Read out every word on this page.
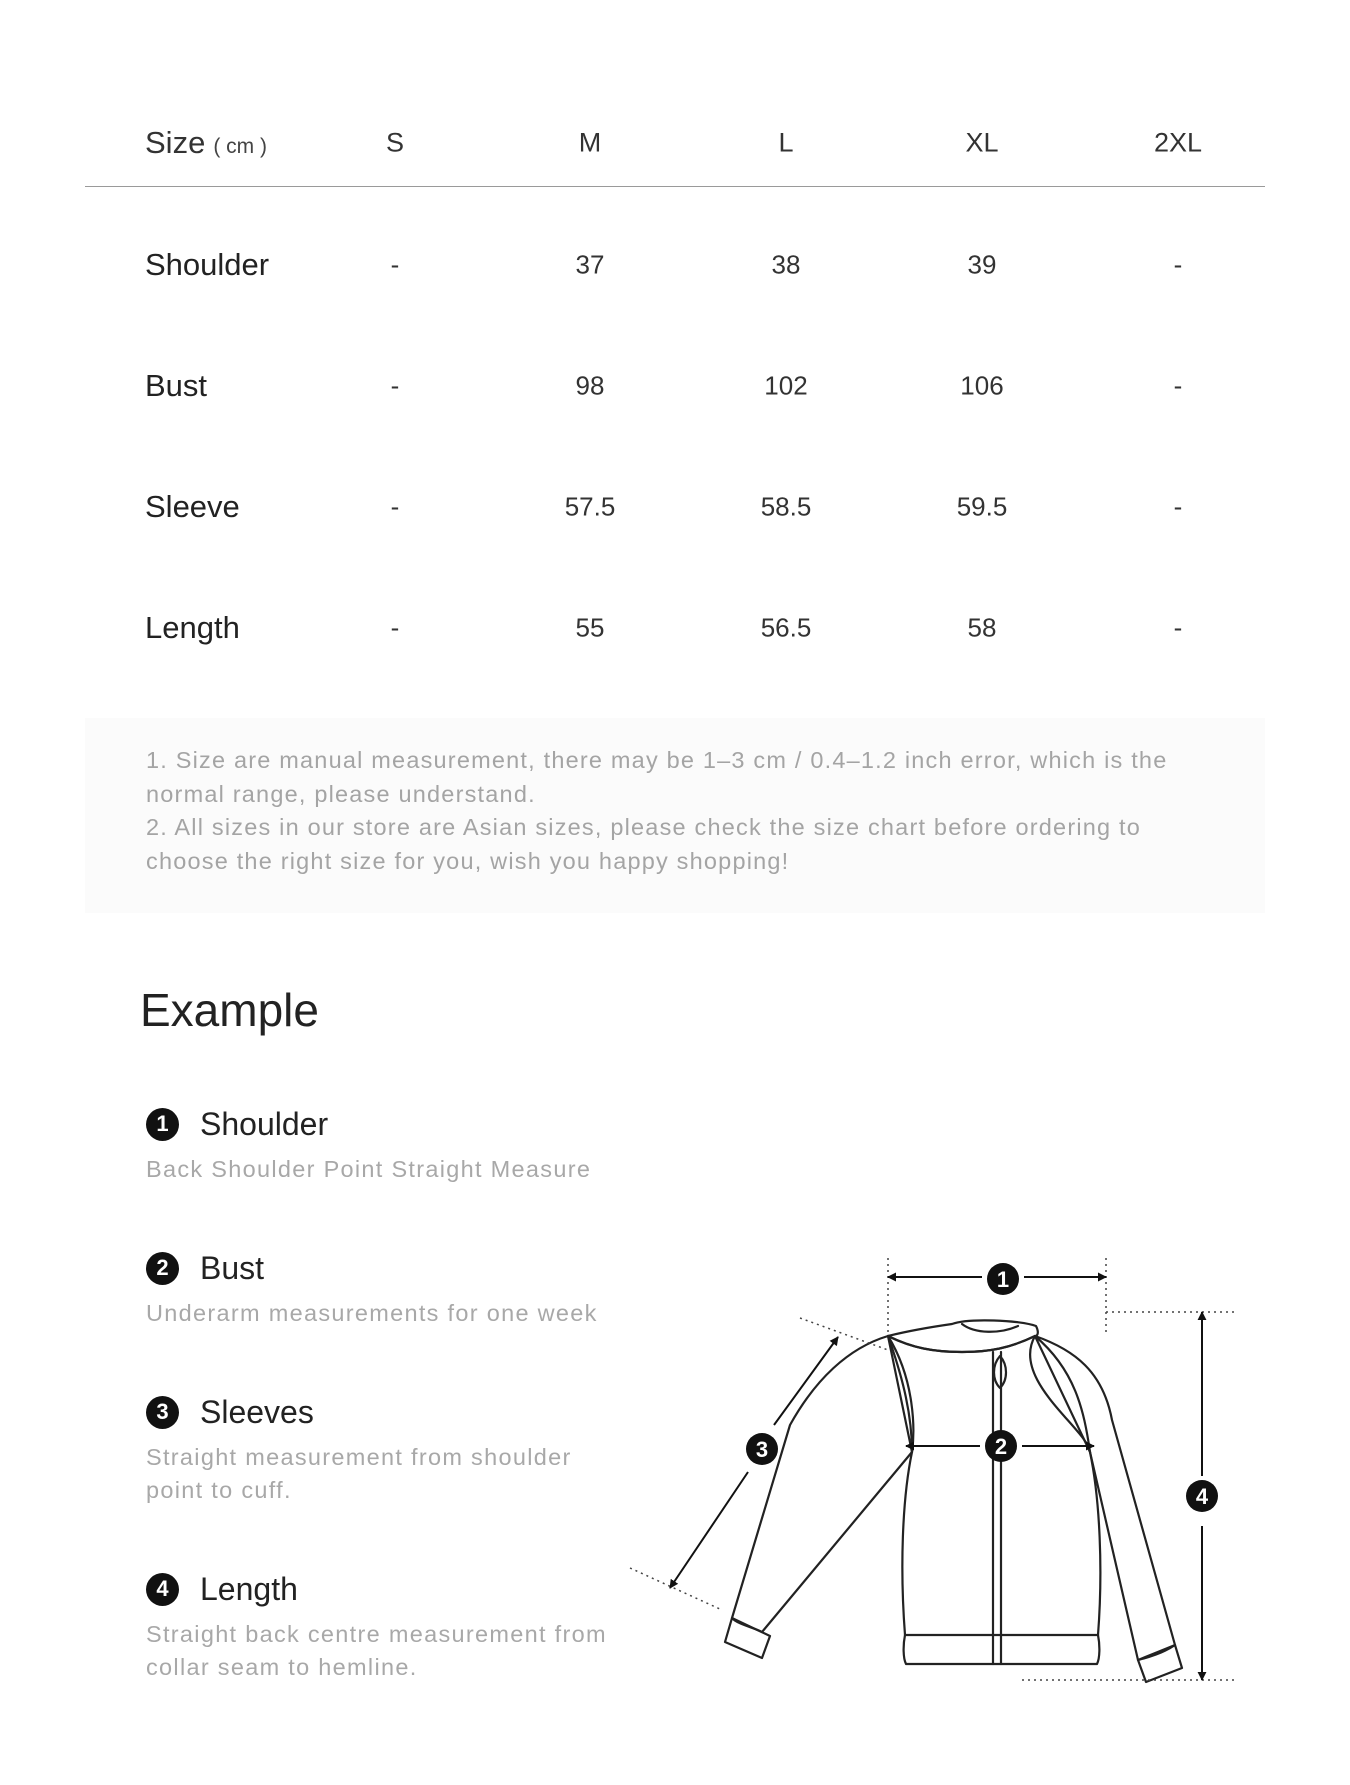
Size ( cm )	S	M	L	XL	2XL
Shoulder	-	37	38	39	-
Bust	-	98	102	106	-
Sleeve	-	57.5	58.5	59.5	-
Length	-	55	56.5	58	-

1. Size are manual measurement, there may be 1–3 cm / 0.4–1.2 inch error, which is the normal range, please understand.

2. All sizes in our store are Asian sizes, please check the size chart before ordering to choose the right size for you, wish you happy shopping!

Example
1 Shoulder
Back Shoulder Point Straight Measure
2 Bust
Underarm measurements for one week
3 Sleeves
Straight measurement from shoulder point to cuff.
4 Length
Straight back centre measurement from collar seam to hemline.
1
2
3
4
